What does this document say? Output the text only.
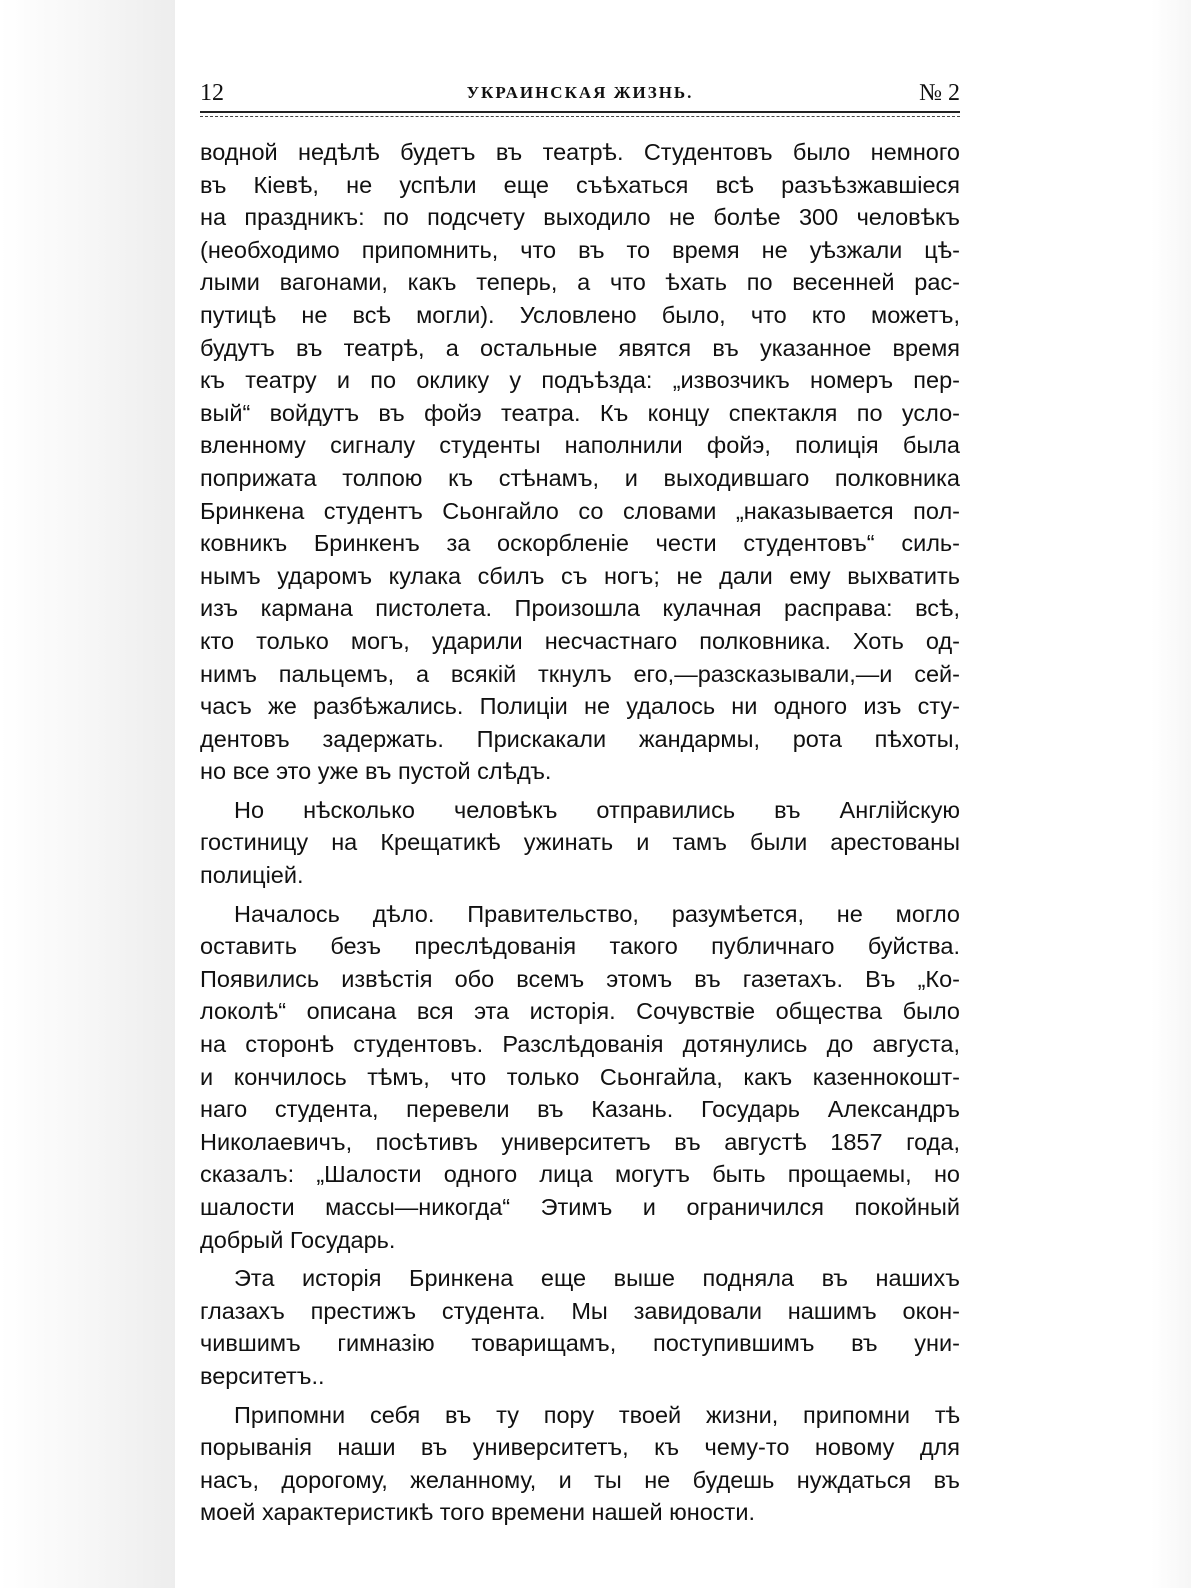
12	УКРАИНСКАЯ ЖИЗНЬ.	№ 2
водной недѣлѣ будетъ въ театрѣ. Студентовъ было немного
въ Кіевѣ, не успѣли еще съѣхаться всѣ разъѣзжавшіеся
на праздникъ: по подсчету выходило не болѣе 300 человѣкъ
(необходимо припомнить, что въ то время не уѣзжали цѣ-
лыми вагонами, какъ теперь, а что ѣхать по весенней рас-
путицѣ не всѣ могли). Условлено было, что кто можетъ,
будутъ въ театрѣ, а остальные явятся въ указанное время
къ театру и по оклику у подъѣзда: „извозчикъ номеръ пер-
вый“ войдутъ въ фойэ театра. Къ концу спектакля по усло-
вленному сигналу студенты наполнили фойэ, полиція была
поприжата толпою къ стѣнамъ, и выходившаго полковника
Бринкена студентъ Сьонгайло со словами „наказывается пол-
ковникъ Бринкенъ за оскорбленіе чести студентовъ“ силь-
нымъ ударомъ кулака сбилъ съ ногъ; не дали ему выхватить
изъ кармана пистолета. Произошла кулачная расправа: всѣ,
кто только могъ, ударили несчастнаго полковника. Хоть од-
нимъ пальцемъ, а всякій ткнулъ его,—разсказывали,—и сей-
часъ же разбѣжались. Полиціи не удалось ни одного изъ сту-
дентовъ задержать. Прискакали жандармы, рота пѣхоты,
но все это уже въ пустой слѣдъ.
Но нѣсколько человѣкъ отправились въ Англійскую
гостиницу на Крещатикѣ ужинать и тамъ были арестованы
полиціей.
Началось дѣло. Правительство, разумѣется, не могло
оставить безъ преслѣдованія такого публичнаго буйства.
Появились извѣстія обо всемъ этомъ въ газетахъ. Въ „Ко-
локолѣ“ описана вся эта исторія. Сочувствіе общества было
на сторонѣ студентовъ. Разслѣдованія дотянулись до августа,
и кончилось тѣмъ, что только Сьонгайла, какъ казеннокошт-
наго студента, перевели въ Казань. Государь Александръ
Николаевичъ, посѣтивъ университетъ въ августѣ 1857 года,
сказалъ: „Шалости одного лица могутъ быть прощаемы, но
шалости массы—никогда“ Этимъ и ограничился покойный
добрый Государь.
Эта исторія Бринкена еще выше подняла въ нашихъ
глазахъ престижъ студента. Мы завидовали нашимъ окон-
чившимъ гимназію товарищамъ, поступившимъ въ уни-
верситетъ..
Припомни себя въ ту пору твоей жизни, припомни тѣ
порыванія наши въ университетъ, къ чему-то новому для
насъ, дорогому, желанному, и ты не будешь нуждаться въ
моей характеристикѣ того времени нашей юности.
